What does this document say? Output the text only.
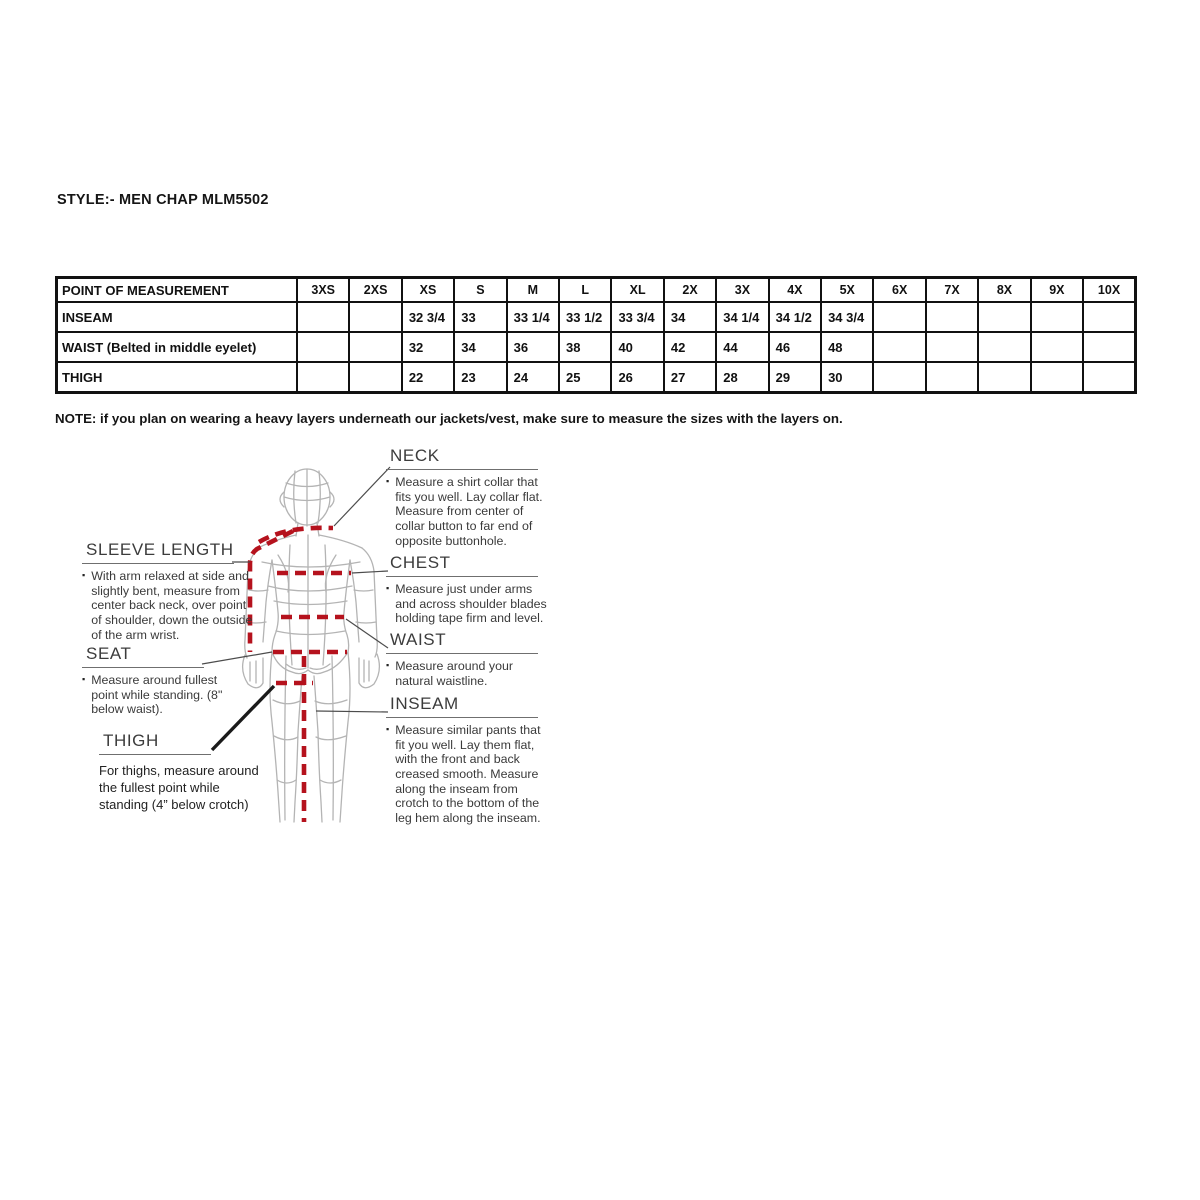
STYLE:- MEN CHAP MLM5502
POINT OF MEASUREMENT	3XS	2XS	XS	S	M	L	XL	2X	3X	4X	5X	6X	7X	8X	9X	10X
INSEAM			32 3/4	33	33 1/4	33 1/2	33 3/4	34	34 1/4	34 1/2	34 3/4					
WAIST (Belted in middle eyelet)			32	34	36	38	40	42	44	46	48					
THIGH			22	23	24	25	26	27	28	29	30					
NOTE: if you plan on wearing a heavy layers underneath our jackets/vest, make sure to measure the sizes with the layers on.
SLEEVE LENGTH
▪ With arm relaxed at side and slightly bent, measure from center back neck, over point of shoulder, down the outside of the arm wrist.
SEAT
▪ Measure around fullest point while standing. (8" below waist).
THIGH
For thighs, measure around the fullest point while standing (4” below crotch)
NECK
▪ Measure a shirt collar that fits you well. Lay collar flat. Measure from center of collar button to far end of opposite buttonhole.
CHEST
▪ Measure just under arms and across shoulder blades holding tape firm and level.
WAIST
▪ Measure around your natural waistline.
INSEAM
▪ Measure similar pants that fit you well. Lay them flat, with the front and back creased smooth. Measure along the inseam from crotch to the bottom of the leg hem along the inseam.
